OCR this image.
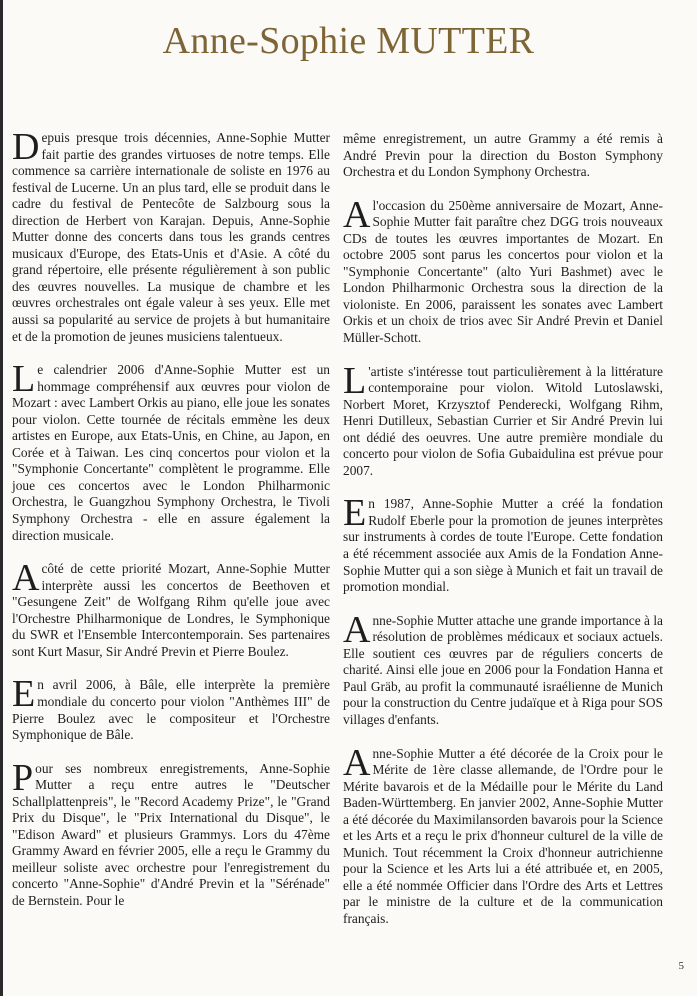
Anne-Sophie MUTTER

Depuis presque trois décennies, Anne-Sophie Mutter fait partie des grandes virtuoses de notre temps. Elle commence sa carrière internationale de soliste en 1976 au festival de Lucerne. Un an plus tard, elle se produit dans le cadre du festival de Pentecôte de Salzbourg sous la direction de Herbert von Karajan. Depuis, Anne-Sophie Mutter donne des concerts dans tous les grands centres musicaux d'Europe, des Etats-Unis et d'Asie. A côté du grand répertoire, elle présente régulièrement à son public des œuvres nouvelles. La musique de chambre et les œuvres orchestrales ont égale valeur à ses yeux. Elle met aussi sa popularité au service de projets à but humanitaire et de la promotion de jeunes musiciens talentueux.

Le calendrier 2006 d'Anne-Sophie Mutter est un hommage compréhensif aux œuvres pour violon de Mozart : avec Lambert Orkis au piano, elle joue les sonates pour violon. Cette tournée de récitals emmène les deux artistes en Europe, aux Etats-Unis, en Chine, au Japon, en Corée et à Taiwan. Les cinq concertos pour violon et la "Symphonie Concertante" complètent le programme. Elle joue ces concertos avec le London Philharmonic Orchestra, le Guangzhou Symphony Orchestra, le Tivoli Symphony Orchestra - elle en assure également la direction musicale.

A côté de cette priorité Mozart, Anne-Sophie Mutter interprète aussi les concertos de Beethoven et "Gesungene Zeit" de Wolfgang Rihm qu'elle joue avec l'Orchestre Philharmonique de Londres, le Symphonique du SWR et l'Ensemble Intercontemporain. Ses partenaires sont Kurt Masur, Sir André Previn et Pierre Boulez.

En avril 2006, à Bâle, elle interprète la première mondiale du concerto pour violon "Anthèmes III" de Pierre Boulez avec le compositeur et l'Orchestre Symphonique de Bâle.

Pour ses nombreux enregistrements, Anne-Sophie Mutter a reçu entre autres le "Deutscher Schallplattenpreis", le "Record Academy Prize", le "Grand Prix du Disque", le "Prix International du Disque", le "Edison Award" et plusieurs Grammys. Lors du 47ème Grammy Award en février 2005, elle a reçu le Grammy du meilleur soliste avec orchestre pour l'enregistrement du concerto "Anne-Sophie" d'André Previn et la "Sérénade" de Bernstein. Pour le

même enregistrement, un autre Grammy a été remis à André Previn pour la direction du Boston Symphony Orchestra et du London Symphony Orchestra.

A l'occasion du 250ème anniversaire de Mozart, Anne-Sophie Mutter fait paraître chez DGG trois nouveaux CDs de toutes les œuvres importantes de Mozart. En octobre 2005 sont parus les concertos pour violon et la "Symphonie Concertante" (alto Yuri Bashmet) avec le London Philharmonic Orchestra sous la direction de la violoniste. En 2006, paraissent les sonates avec Lambert Orkis et un choix de trios avec Sir André Previn et Daniel Müller-Schott.

L 'artiste s'intéresse tout particulièrement à la littérature contemporaine pour violon. Witold Lutoslawski, Norbert Moret, Krzysztof Penderecki, Wolfgang Rihm, Henri Dutilleux, Sebastian Currier et Sir André Previn lui ont dédié des oeuvres. Une autre première mondiale du concerto pour violon de Sofia Gubaidulina est prévue pour 2007.

En 1987, Anne-Sophie Mutter a créé la fondation Rudolf Eberle pour la promotion de jeunes interprètes sur instruments à cordes de toute l'Europe. Cette fondation a été récemment associée aux Amis de la Fondation Anne-Sophie Mutter qui a son siège à Munich et fait un travail de promotion mondial.

Anne-Sophie Mutter attache une grande importance à la résolution de problèmes médicaux et sociaux actuels. Elle soutient ces œuvres par de réguliers concerts de charité. Ainsi elle joue en 2006 pour la Fondation Hanna et Paul Gräb, au profit la communauté israélienne de Munich pour la construction du Centre judaïque et à Riga pour SOS villages d'enfants.

Anne-Sophie Mutter a été décorée de la Croix pour le Mérite de 1ère classe allemande, de l'Ordre pour le Mérite bavarois et de la Médaille pour le Mérite du Land Baden-Württemberg. En janvier 2002, Anne-Sophie Mutter a été décorée du Maximilansorden bavarois pour la Science et les Arts et a reçu le prix d'honneur culturel de la ville de Munich. Tout récemment la Croix d'honneur autrichienne pour la Science et les Arts lui a été attribuée et, en 2005, elle a été nommée Officier dans l'Ordre des Arts et Lettres par le ministre de la culture et de la communication français.

5
